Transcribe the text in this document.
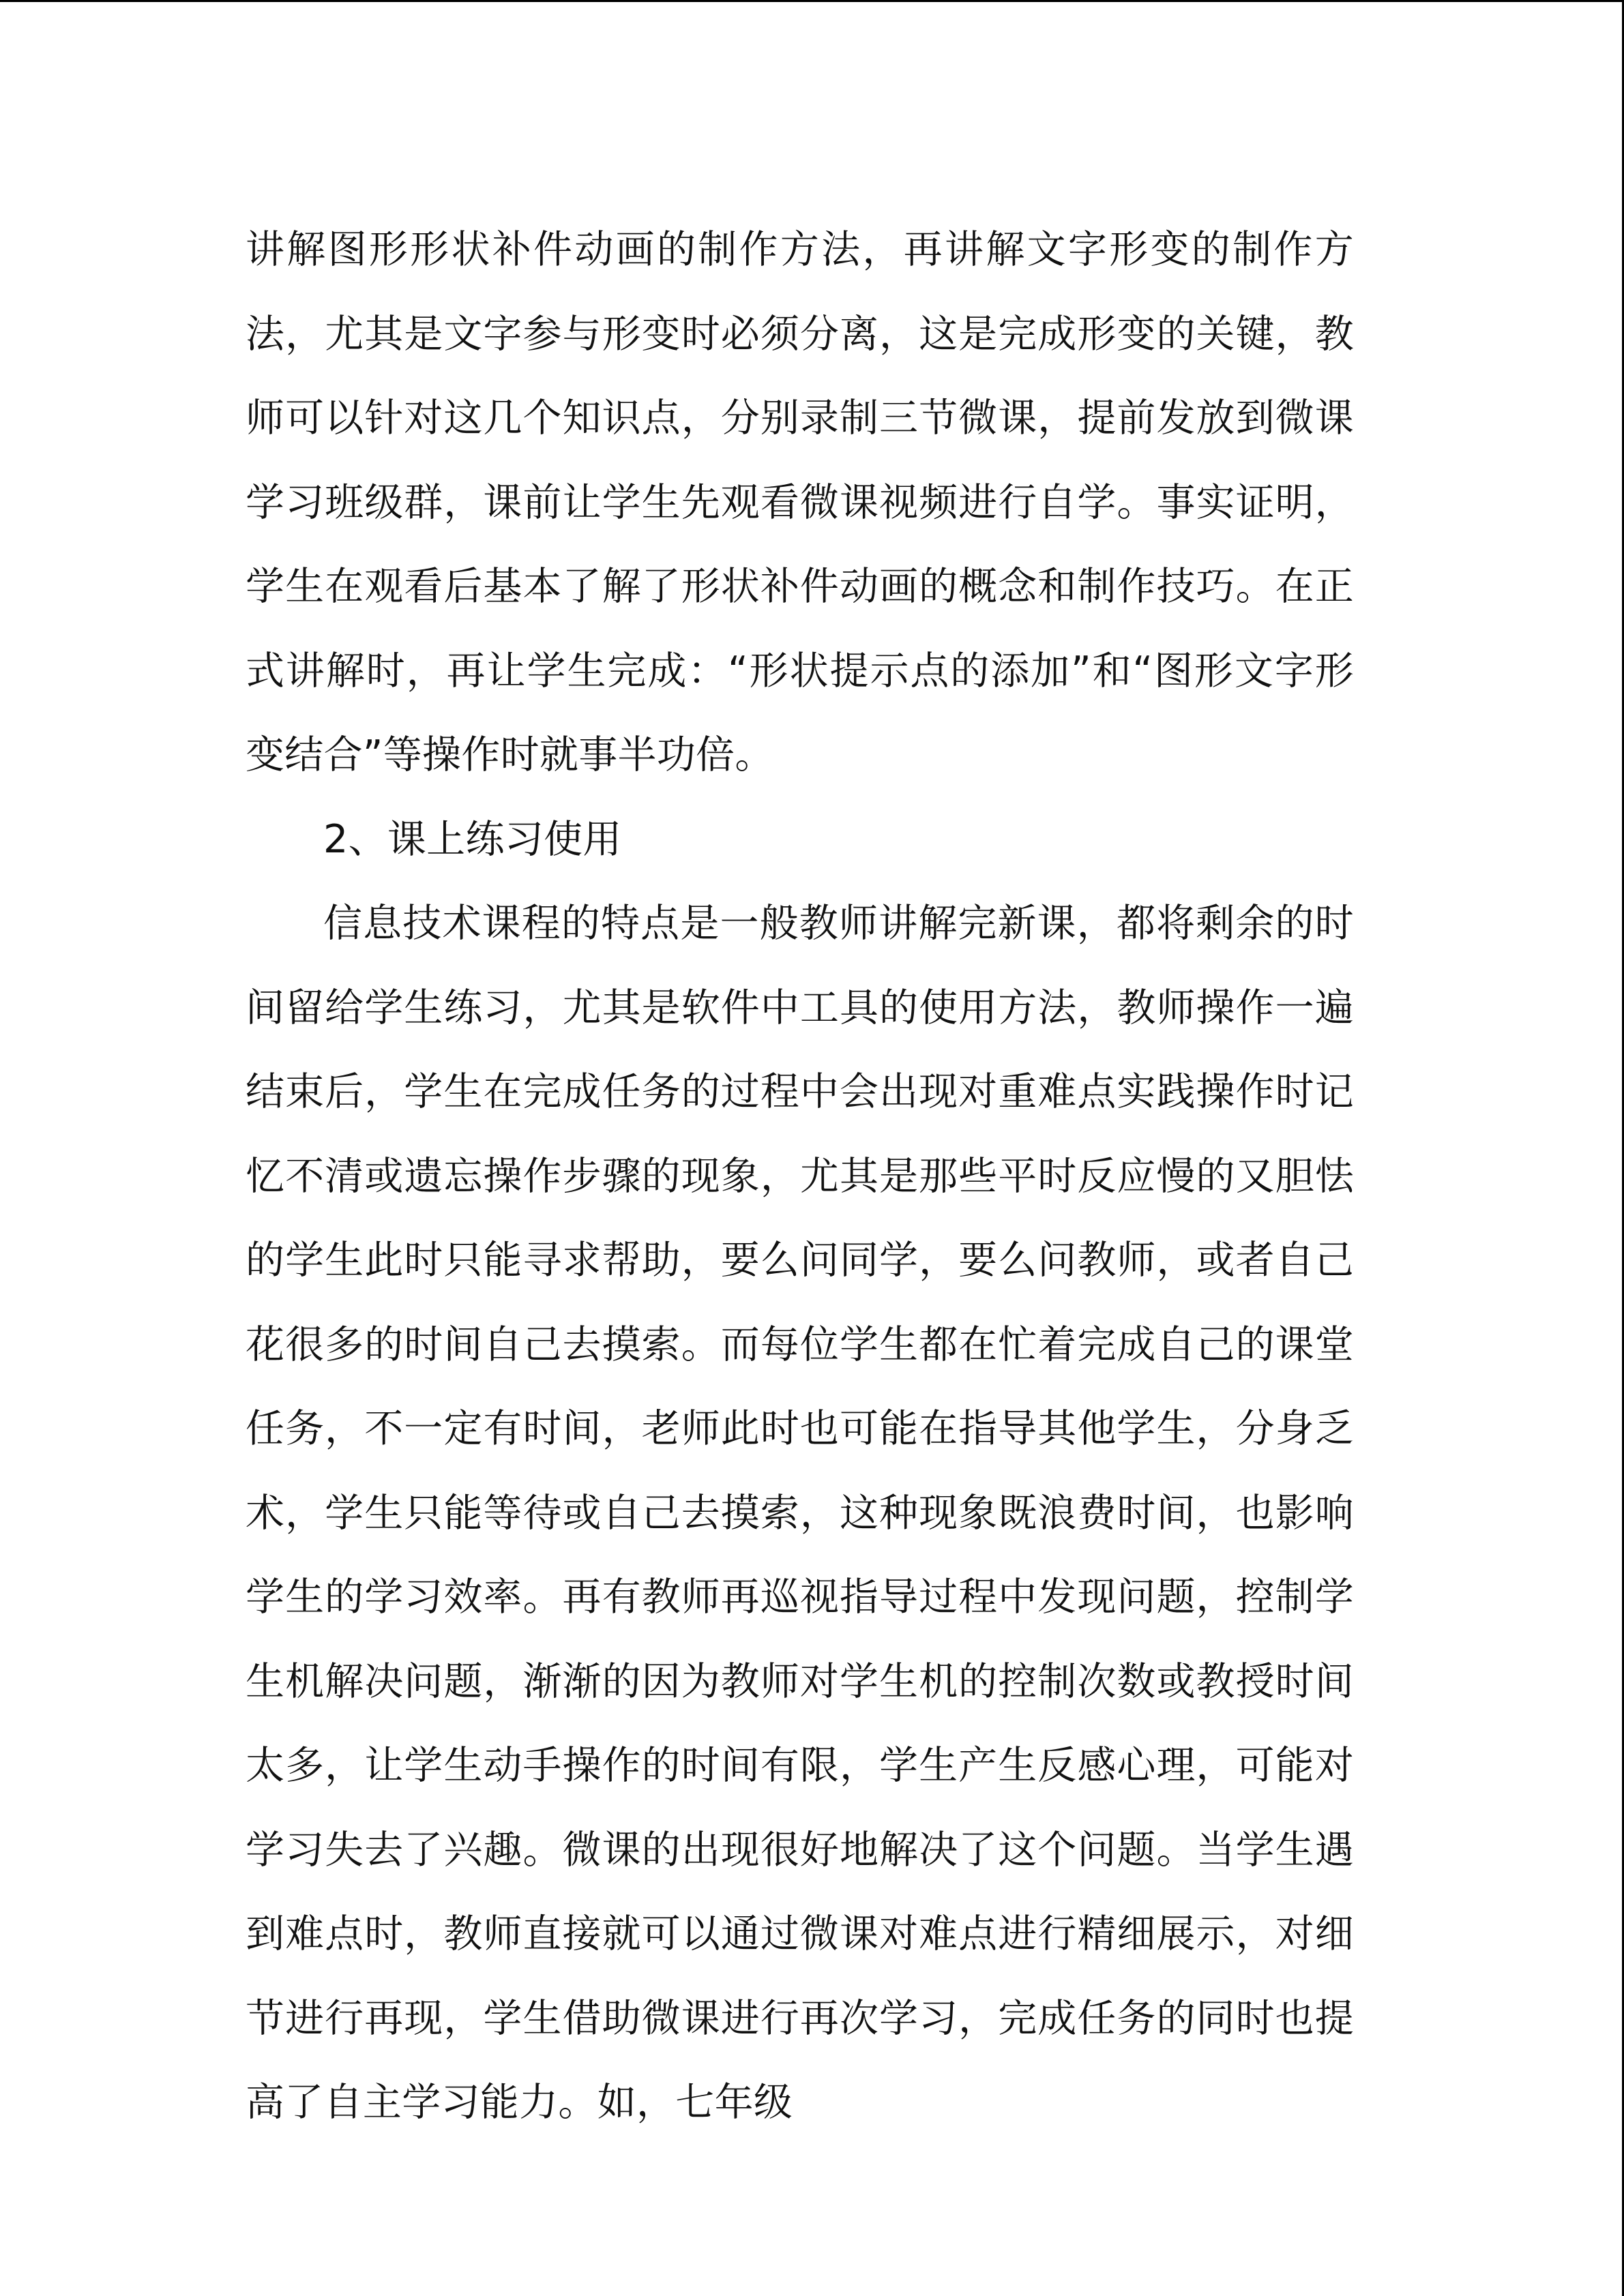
讲解图形形状补件动画的制作方法，再讲解文字形变的制作方法，尤其是文字参与形变时必须分离，这是完成形变的关键，教师可以针对这几个知识点，分别录制三节微课，提前发放到微课学习班级群，课前让学生先观看微课视频进行自学。事实证明，学生在观看后基本了解了形状补件动画的概念和制作技巧。在正式讲解时，再让学生完成：“形状提示点的添加”和“图形文字形变结合”等操作时就事半功倍。

2、课上练习使用

信息技术课程的特点是一般教师讲解完新课，都将剩余的时间留给学生练习，尤其是软件中工具的使用方法，教师操作一遍结束后，学生在完成任务的过程中会出现对重难点实践操作时记忆不清或遗忘操作步骤的现象，尤其是那些平时反应慢的又胆怯的学生此时只能寻求帮助，要么问同学，要么问教师，或者自己花很多的时间自己去摸索。而每位学生都在忙着完成自己的课堂任务，不一定有时间，老师此时也可能在指导其他学生，分身乏术，学生只能等待或自己去摸索，这种现象既浪费时间，也影响学生的学习效率。再有教师再巡视指导过程中发现问题，控制学生机解决问题，渐渐的因为教师对学生机的控制次数或教授时间太多，让学生动手操作的时间有限，学生产生反感心理，可能对学习失去了兴趣。微课的出现很好地解决了这个问题。当学生遇到难点时，教师直接就可以通过微课对难点进行精细展示，对细节进行再现，学生借助微课进行再次学习，完成任务的同时也提高了自主学习能力。如，七年级
